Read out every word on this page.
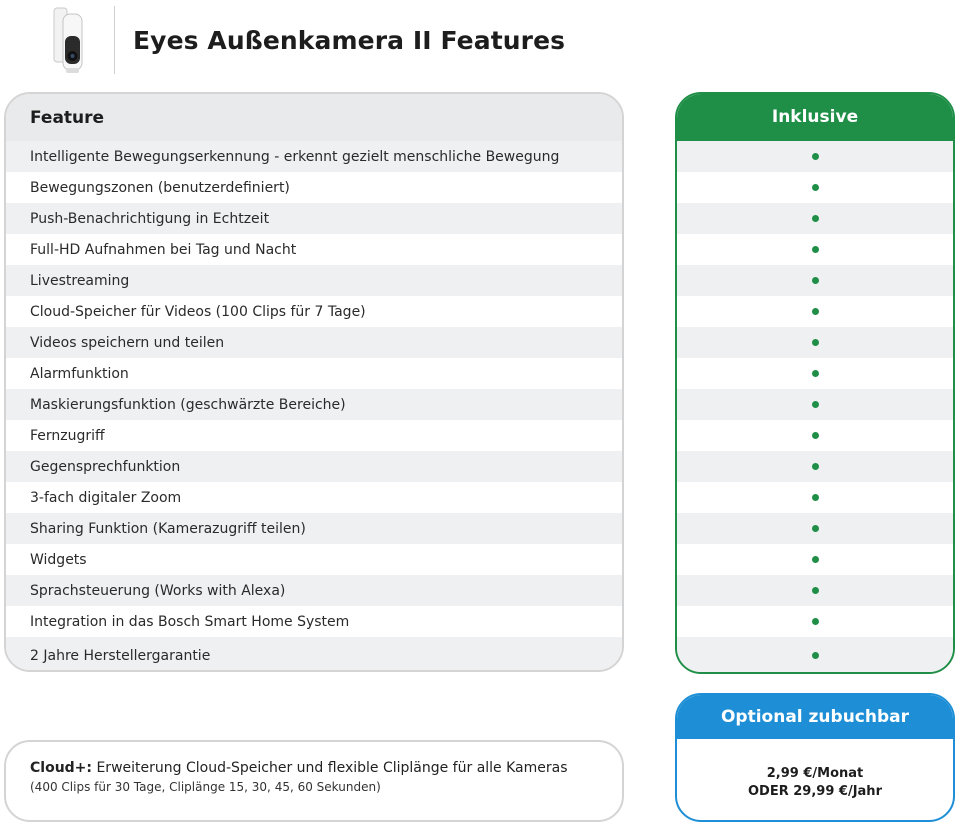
Eyes Außenkamera II Features
Feature
Intelligente Bewegungserkennung - erkennt gezielt menschliche Bewegung
Bewegungszonen (benutzerdefiniert)
Push-Benachrichtigung in Echtzeit
Full-HD Aufnahmen bei Tag und Nacht
Livestreaming
Cloud-Speicher für Videos (100 Clips für 7 Tage)
Videos speichern und teilen
Alarmfunktion
Maskierungsfunktion (geschwärzte Bereiche)
Fernzugriff
Gegensprechfunktion
3-fach digitaler Zoom
Sharing Funktion (Kamerazugriff teilen)
Widgets
Sprachsteuerung (Works with Alexa)
Integration in das Bosch Smart Home System
2 Jahre Herstellergarantie
Inklusive
Cloud+: Erweiterung Cloud-Speicher und flexible Cliplänge für alle Kameras
(400 Clips für 30 Tage, Cliplänge 15, 30, 45, 60 Sekunden)
Optional zubuchbar
2,99 €/Monat
ODER 29,99 €/Jahr
